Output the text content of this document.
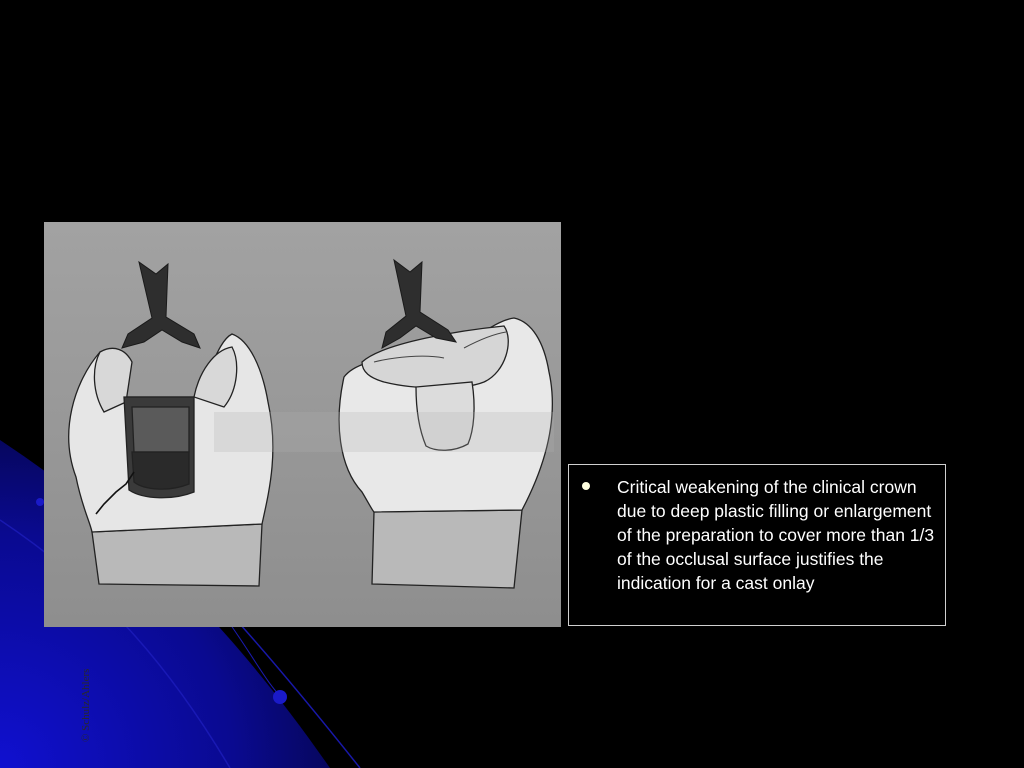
© Schulz/Ahlers
Critical weakening of the clinical crown due to deep plastic filling or enlargement of the preparation to cover more than 1/3 of the occlusal surface justifies the indication for a cast onlay
